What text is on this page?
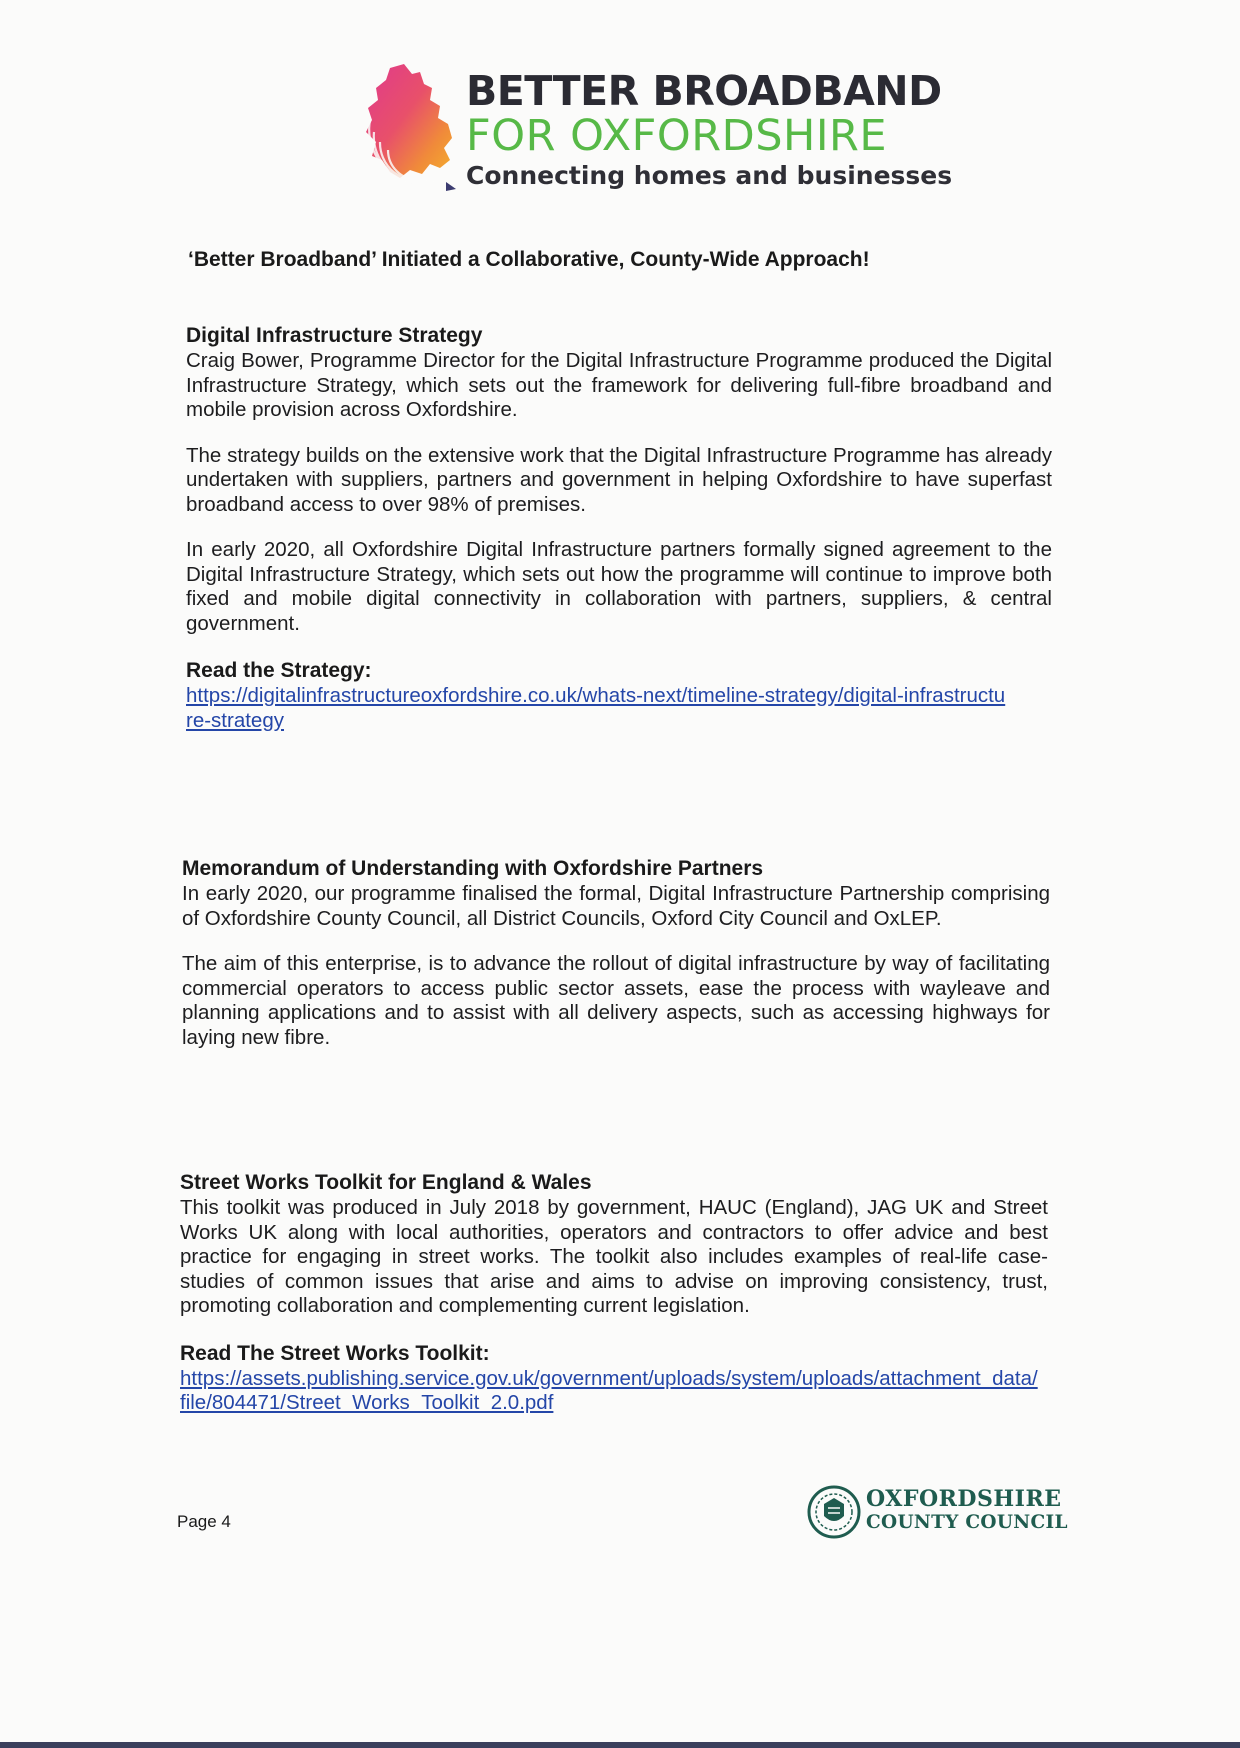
BETTER BROADBAND
FOR OXFORDSHIRE
Connecting homes and businesses
‘Better Broadband’ Initiated a Collaborative, County-Wide Approach!
Digital Infrastructure Strategy

Craig Bower, Programme Director for the Digital Infrastructure Programme produced the Digital Infrastructure Strategy, which sets out the framework for delivering full-fibre broadband and mobile provision across Oxfordshire.

The strategy builds on the extensive work that the Digital Infrastructure Programme has already undertaken with suppliers, partners and government in helping Oxfordshire to have superfast broadband access to over 98% of premises.

In early 2020, all Oxfordshire Digital Infrastructure partners formally signed agreement to the Digital Infrastructure Strategy, which sets out how the programme will continue to improve both fixed and mobile digital connectivity in collaboration with partners, suppliers, & central government.

Read the Strategy:
https://digitalinfrastructureoxfordshire.co.uk/whats-next/timeline-strategy/digital-infrastructure-strategy
Memorandum of Understanding with Oxfordshire Partners

In early 2020, our programme finalised the formal, Digital Infrastructure Partnership comprising of Oxfordshire County Council, all District Councils, Oxford City Council and OxLEP.

The aim of this enterprise, is to advance the rollout of digital infrastructure by way of facilitating commercial operators to access public sector assets, ease the process with wayleave and planning applications and to assist with all delivery aspects, such as accessing highways for laying new fibre.

Street Works Toolkit for England & Wales

This toolkit was produced in July 2018 by government, HAUC (England), JAG UK and Street Works UK along with local authorities, operators and contractors to offer advice and best practice for engaging in street works. The toolkit also includes examples of real-life case-studies of common issues that arise and aims to advise on improving consistency, trust, promoting collaboration and complementing current legislation.

Read The Street Works Toolkit:
https://assets.publishing.service.gov.uk/government/uploads/system/uploads/attachment_data/file/804471/Street_Works_Toolkit_2.0.pdf
Page 4
OXFORDSHIRE
COUNTY COUNCIL
